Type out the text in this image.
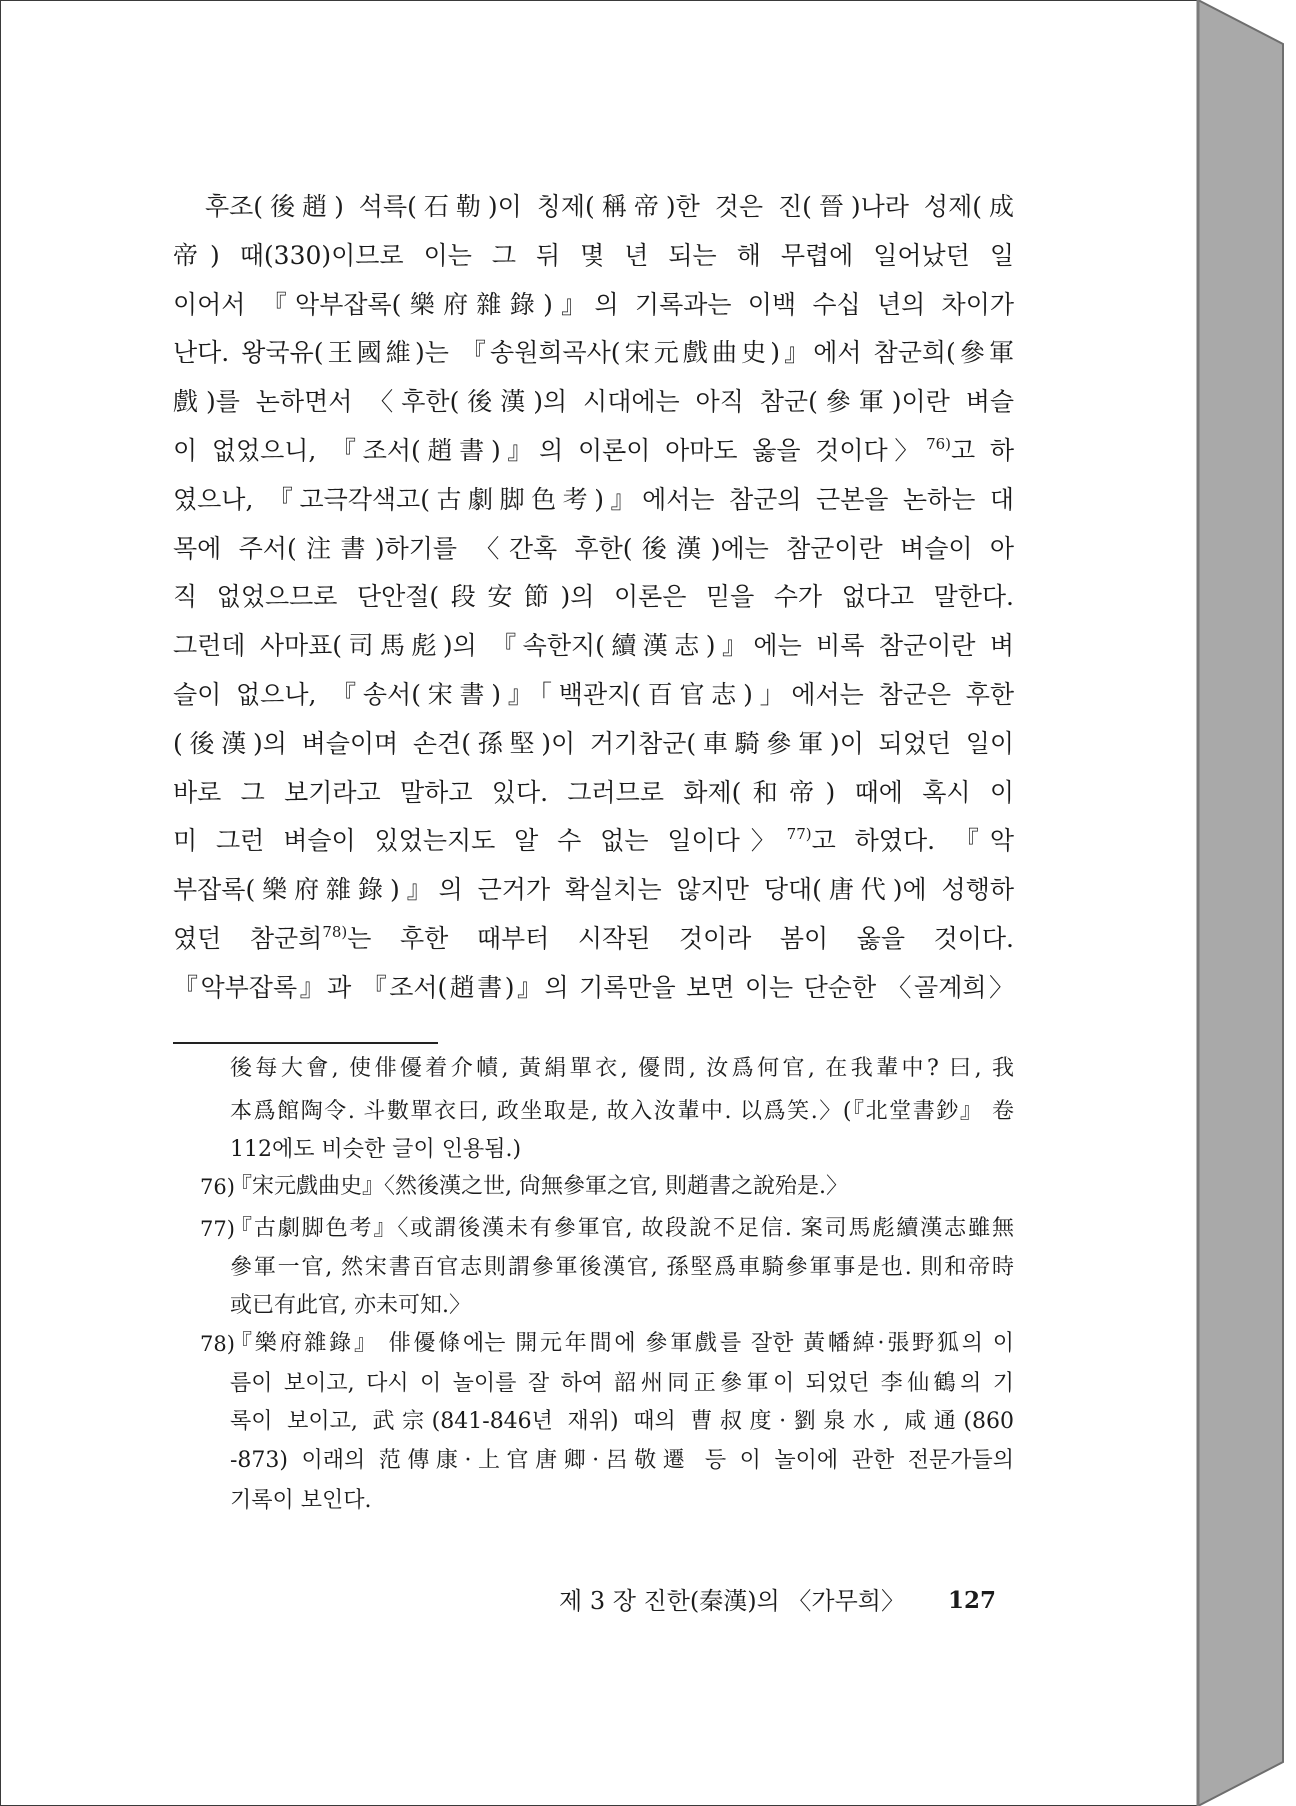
후조(後趙) 석륵(石勒)이 칭제(稱帝)한 것은 진(晉)나라 성제(成
帝) 때(330)이므로 이는 그 뒤 몇 년 되는 해 무렵에 일어났던 일
이어서 『악부잡록(樂府雜錄)』의 기록과는 이백 수십 년의 차이가
난다. 왕국유(王國維)는 『송원희곡사(宋元戲曲史)』에서 참군희(參軍
戲)를 논하면서 〈후한(後漢)의 시대에는 아직 참군(參軍)이란 벼슬
이 없었으니, 『조서(趙書)』의 이론이 아마도 옳을 것이다〉$^{76)}$고 하
였으나, 『고극각색고(古劇脚色考)』에서는 참군의 근본을 논하는 대
목에 주서(注書)하기를 〈간혹 후한(後漢)에는 참군이란 벼슬이 아
직 없었으므로 단안절(段安節)의 이론은 믿을 수가 없다고 말한다.
그런데 사마표(司馬彪)의 『속한지(續漢志)』에는 비록 참군이란 벼
슬이 없으나, 『송서(宋書)』「백관지(百官志)」에서는 참군은 후한
(後漢)의 벼슬이며 손견(孫堅)이 거기참군(車騎參軍)이 되었던 일이
바로 그 보기라고 말하고 있다. 그러므로 화제(和帝) 때에 혹시 이
미 그런 벼슬이 있었는지도 알 수 없는 일이다〉$^{77)}$고 하였다. 『악
부잡록(樂府雜錄)』의 근거가 확실치는 않지만 당대(唐代)에 성행하
였던 참군희$^{78)}$는 후한 때부터 시작된 것이라 봄이 옳을 것이다.
『악부잡록』과 『조서(趙書)』의 기록만을 보면 이는 단순한 〈골계희〉
後每大會, 使俳優着介幘, 黃絹單衣, 優問, 汝爲何官, 在我輩中? 曰, 我
本爲館陶令. 斗數單衣曰, 政坐取是, 故入汝輩中. 以爲笑.〉(『北堂書鈔』 卷
112에도 비슷한 글이 인용됨.)
76)
『宋元戲曲史』〈然後漢之世, 尙無參軍之官, 則趙書之說殆是.〉
77)
『古劇脚色考』〈或謂後漢未有參軍官, 故段說不足信. 案司馬彪續漢志雖無
參軍一官, 然宋書百官志則謂參軍後漢官, 孫堅爲車騎參軍事是也. 則和帝時
或已有此官, 亦未可知.〉
78)
『樂府雜錄』 俳優條에는 開元年間에 參軍戲를 잘한 黃幡綽·張野狐의 이
름이 보이고, 다시 이 놀이를 잘 하여 韶州同正參軍이 되었던 李仙鶴의 기
록이 보이고, 武宗(841-846년 재위) 때의 曹叔度·劉泉水, 咸通(860
-873) 이래의 范傳康·上官唐卿·呂敬遷 등 이 놀이에 관한 전문가들의
기록이 보인다.
제 3 장 진한(秦漢)의 〈가무희〉 127
